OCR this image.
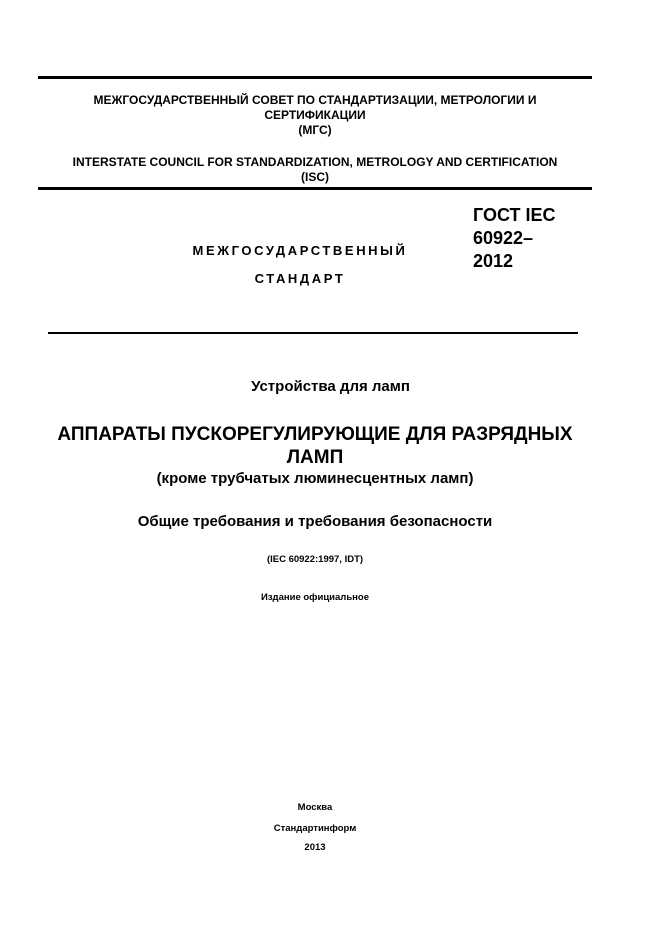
МЕЖГОСУДАРСТВЕННЫЙ СОВЕТ ПО СТАНДАРТИЗАЦИИ, МЕТРОЛОГИИ И
СЕРТИФИКАЦИИ
(МГС)
INTERSTATE COUNCIL FOR STANDARDIZATION, METROLOGY AND CERTIFICATION
(ISC)
МЕЖГОСУДАРСТВЕННЫЙ
СТАНДАРТ
ГОСТ IEC
60922–
2012
Устройства для ламп
АППАРАТЫ ПУСКОРЕГУЛИРУЮЩИЕ ДЛЯ РАЗРЯДНЫХ
ЛАМП
(кроме трубчатых люминесцентных ламп)
Общие требования и требования безопасности
(IEC 60922:1997, IDT)
Издание официальное
Москва
Стандартинформ
2013
